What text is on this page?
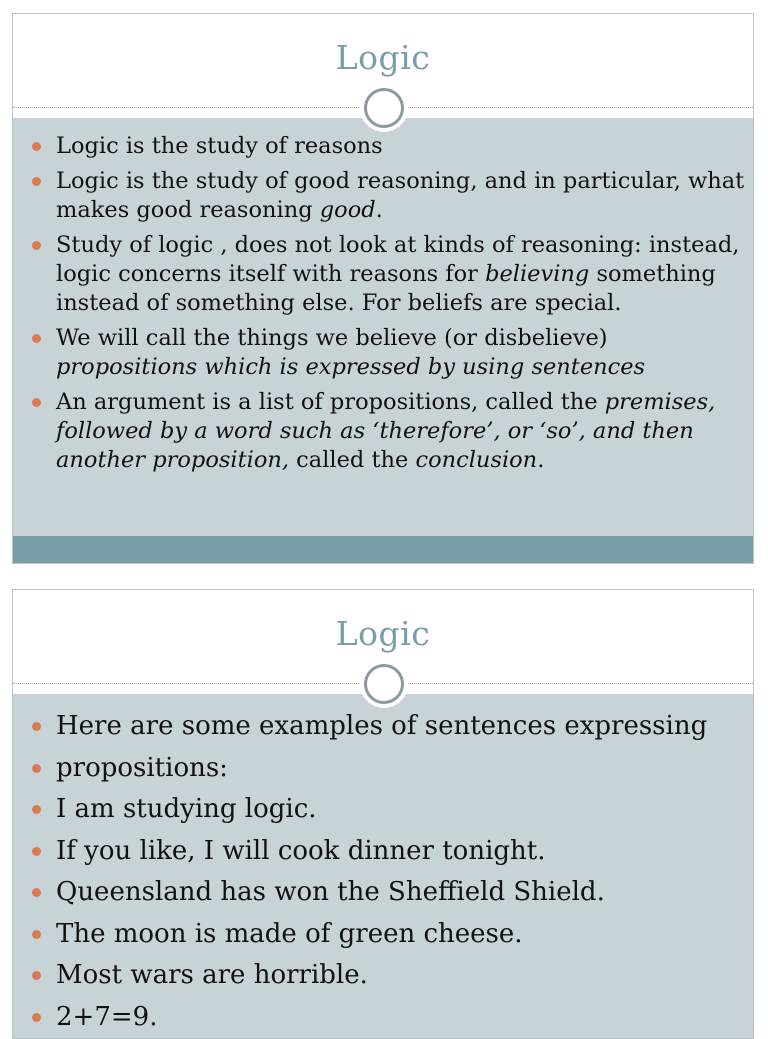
Logic
Logic is the study of reasons
Logic is the study of good reasoning, and in particular, what makes good reasoning good.
Study of logic , does not look at kinds of reasoning: instead, logic concerns itself with reasons for believing something instead of something else. For beliefs are special.
We will call the things we believe (or disbelieve) propositions which is expressed by using sentences
An argument is a list of propositions, called the premises, followed by a word such as ‘therefore’, or ‘so’, and then another proposition, called the conclusion.
Logic
Here are some examples of sentences expressing
propositions:
I am studying logic.
If you like, I will cook dinner tonight.
Queensland has won the Sheffield Shield.
The moon is made of green cheese.
Most wars are horrible.
2+7=9.
